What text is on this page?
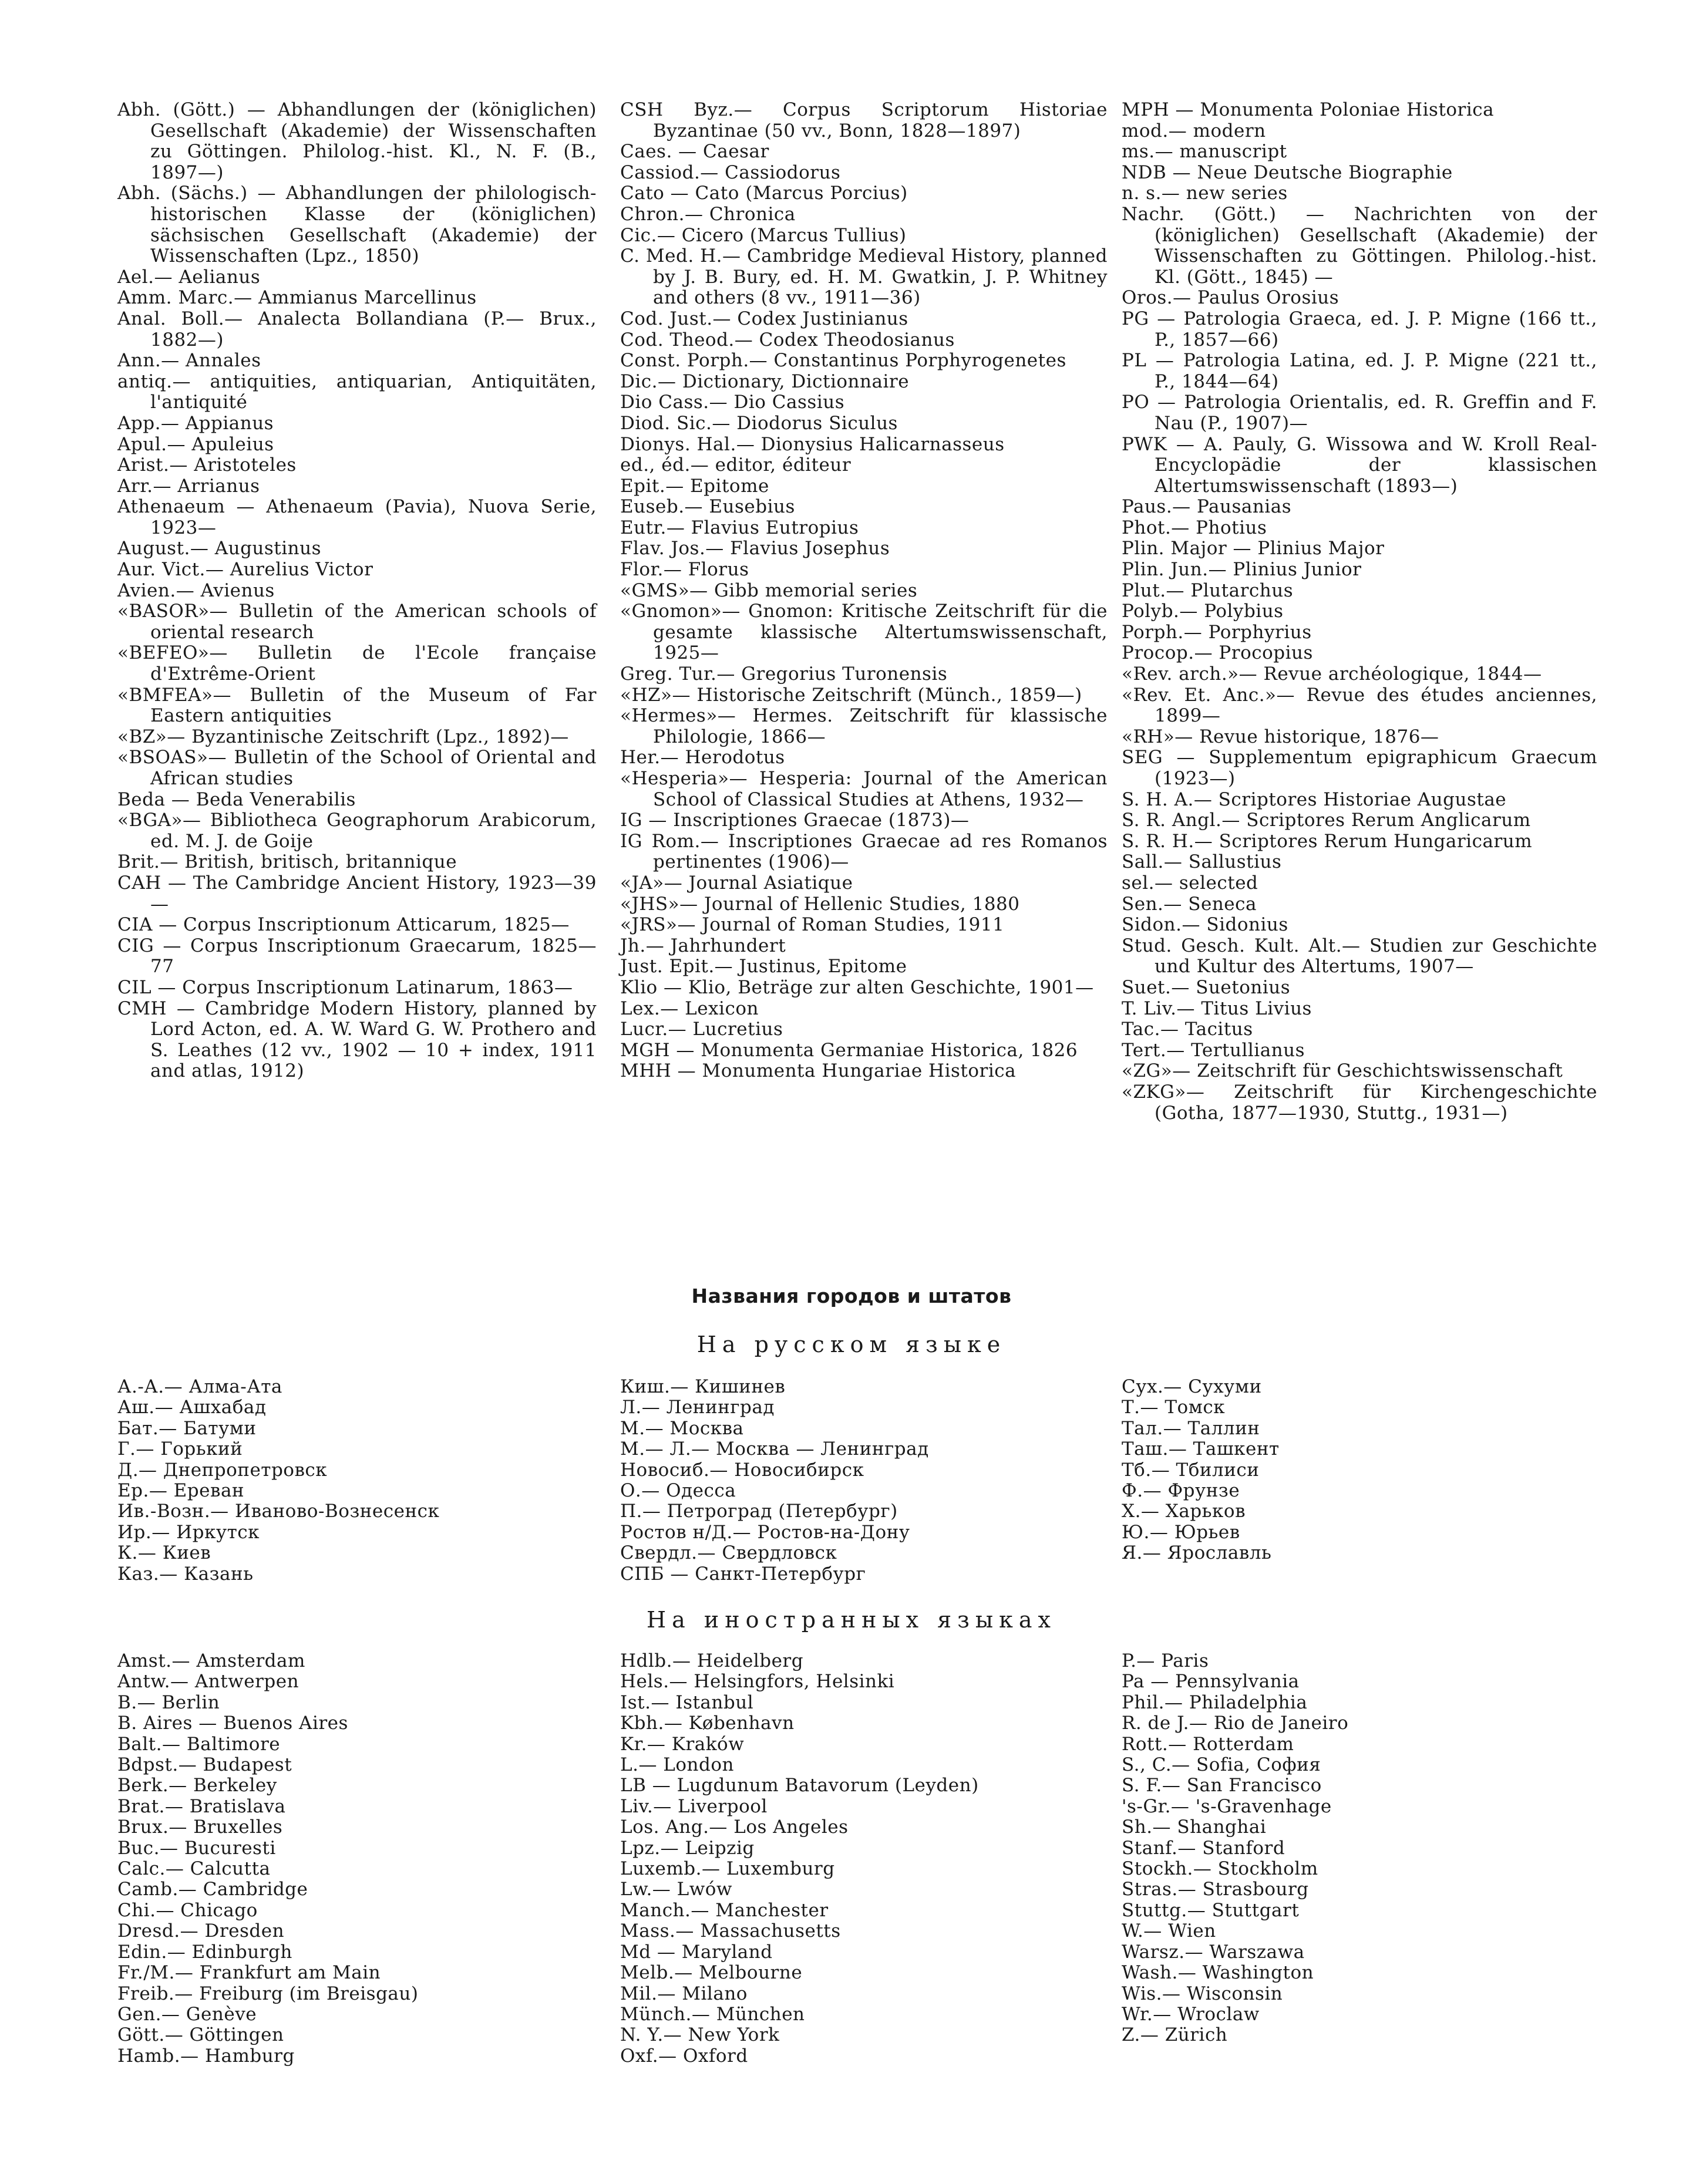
Abh. (Gött.) — Abhandlungen der (königlichen) Gesellschaft (Akademie) der Wissenschaften zu Göttingen. Philolog.-hist. Kl., N. F. (B., 1897—)

Abh. (Sächs.) — Abhandlungen der philologisch-historischen Klasse der (königlichen) sächsischen Gesellschaft (Akademie) der Wissenschaften (Lpz., 1850)

Ael.— Aelianus

Amm. Marc.— Ammianus Marcellinus

Anal. Boll.— Analecta Bollandiana (P.— Brux., 1882—)

Ann.— Annales

antiq.— antiquities, antiquarian, Antiquitäten, l'antiquité

App.— Appianus

Apul.— Apuleius

Arist.— Aristoteles

Arr.— Arrianus

Athenaeum — Athenaeum (Pavia), Nuova Serie, 1923—

August.— Augustinus

Aur. Vict.— Aurelius Victor

Avien.— Avienus

«BASOR»— Bulletin of the American schools of oriental research

«BEFEO»— Bulletin de l'Ecole française d'Extrême-Orient

«BMFEA»— Bulletin of the Museum of Far Eastern antiquities

«BZ»— Byzantinische Zeitschrift (Lpz., 1892)—

«BSOAS»— Bulletin of the School of Oriental and African studies

Beda — Beda Venerabilis

«BGA»— Bibliotheca Geographorum Arabicorum, ed. M. J. de Goije

Brit.— British, britisch, britannique

CAH — The Cambridge Ancient History, 1923—39—

CIA — Corpus Inscriptionum Atticarum, 1825—

CIG — Corpus Inscriptionum Graecarum, 1825—77

CIL — Corpus Inscriptionum Latinarum, 1863—

CMH — Cambridge Modern History, planned by Lord Acton, ed. A. W. Ward G. W. Prothero and S. Leathes (12 vv., 1902 — 10 + index, 1911 and atlas, 1912)

CSH Byz.— Corpus Scriptorum Historiae Byzantinae (50 vv., Bonn, 1828—1897)

Caes. — Caesar

Cassiod.— Cassiodorus

Cato — Cato (Marcus Porcius)

Chron.— Chronica

Cic.— Cicero (Marcus Tullius)

C. Med. H.— Cambridge Medieval History, planned by J. B. Bury, ed. H. M. Gwatkin, J. P. Whitney and others (8 vv., 1911—36)

Cod. Just.— Codex Justinianus

Cod. Theod.— Codex Theodosianus

Const. Porph.— Constantinus Porphyrogenetes

Dic.— Dictionary, Dictionnaire

Dio Cass.— Dio Cassius

Diod. Sic.— Diodorus Siculus

Dionys. Hal.— Dionysius Halicarnasseus

ed., éd.— editor, éditeur

Epit.— Epitome

Euseb.— Eusebius

Eutr.— Flavius Eutropius

Flav. Jos.— Flavius Josephus

Flor.— Florus

«GMS»— Gibb memorial series

«Gnomon»— Gnomon: Kritische Zeitschrift für die gesamte klassische Altertumswissenschaft, 1925—

Greg. Tur.— Gregorius Turonensis

«HZ»— Historische Zeitschrift (Münch., 1859—)

«Hermes»— Hermes. Zeitschrift für klassische Philologie, 1866—

Her.— Herodotus

«Hesperia»— Hesperia: Journal of the American School of Classical Studies at Athens, 1932—

IG — Inscriptiones Graecae (1873)—

IG Rom.— Inscriptiones Graecae ad res Romanos pertinentes (1906)—

«JA»— Journal Asiatique

«JHS»— Journal of Hellenic Studies, 1880

«JRS»— Journal of Roman Studies, 1911

Jh.— Jahrhundert

Just. Epit.— Justinus, Epitome

Klio — Klio, Beträge zur alten Geschichte, 1901—

Lex.— Lexicon

Lucr.— Lucretius

MGH — Monumenta Germaniae Historica, 1826

MHH — Monumenta Hungariae Historica

MPH — Monumenta Poloniae Historica

mod.— modern

ms.— manuscript

NDB — Neue Deutsche Biographie

n. s.— new series

Nachr. (Gött.) — Nachrichten von der (königlichen) Gesellschaft (Akademie) der Wissenschaften zu Göttingen. Philolog.-hist. Kl. (Gött., 1845) —

Oros.— Paulus Orosius

PG — Patrologia Graeca, ed. J. P. Migne (166 tt., P., 1857—66)

PL — Patrologia Latina, ed. J. P. Migne (221 tt., P., 1844—64)

PO — Patrologia Orientalis, ed. R. Greffin and F. Nau (P., 1907)—

PWK — A. Pauly, G. Wissowa and W. Kroll Real-Encyclopädie der klassischen Altertumswissenschaft (1893—)

Paus.— Pausanias

Phot.— Photius

Plin. Major — Plinius Major

Plin. Jun.— Plinius Junior

Plut.— Plutarchus

Polyb.— Polybius

Porph.— Porphyrius

Procop.— Procopius

«Rev. arch.»— Revue archéologique, 1844—

«Rev. Et. Anc.»— Revue des études anciennes, 1899—

«RH»— Revue historique, 1876—

SEG — Supplementum epigraphicum Graecum (1923—)

S. H. A.— Scriptores Historiae Augustae

S. R. Angl.— Scriptores Rerum Anglicarum

S. R. H.— Scriptores Rerum Hungaricarum

Sall.— Sallustius

sel.— selected

Sen.— Seneca

Sidon.— Sidonius

Stud. Gesch. Kult. Alt.— Studien zur Geschichte und Kultur des Altertums, 1907—

Suet.— Suetonius

T. Liv.— Titus Livius

Tac.— Tacitus

Tert.— Tertullianus

«ZG»— Zeitschrift für Geschichtswissenschaft

«ZKG»— Zeitschrift für Kirchengeschichte (Gotha, 1877—1930, Stuttg., 1931—)

Названия городов и штатов
На русском языке

А.-А.— Алма-Ата

Аш.— Ашхабад

Бат.— Батуми

Г.— Горький

Д.— Днепропетровск

Ер.— Ереван

Ив.-Возн.— Иваново-Вознесенск

Ир.— Иркутск

К.— Киев

Каз.— Казань

Киш.— Кишинев

Л.— Ленинград

М.— Москва

М.— Л.— Москва — Ленинград

Новосиб.— Новосибирск

О.— Одесса

П.— Петроград (Петербург)

Ростов н/Д.— Ростов-на-Дону

Свердл.— Свердловск

СПБ — Санкт-Петербург

Сух.— Сухуми

Т.— Томск

Тал.— Таллин

Таш.— Ташкент

Тб.— Тбилиси

Ф.— Фрунзе

Х.— Харьков

Ю.— Юрьев

Я.— Ярославль

На иностранных языках

Amst.— Amsterdam

Antw.— Antwerpen

B.— Berlin

B. Aires — Buenos Aires

Balt.— Baltimore

Bdpst.— Budapest

Berk.— Berkeley

Brat.— Bratislava

Brux.— Bruxelles

Buc.— Bucuresti

Calc.— Calcutta

Camb.— Cambridge

Chi.— Chicago

Dresd.— Dresden

Edin.— Edinburgh

Fr./M.— Frankfurt am Main

Freib.— Freiburg (im Breisgau)

Gen.— Genève

Gött.— Göttingen

Hamb.— Hamburg

Hdlb.— Heidelberg

Hels.— Helsingfors, Helsinki

Ist.— Istanbul

Kbh.— København

Kr.— Kraków

L.— London

LB — Lugdunum Batavorum (Leyden)

Liv.— Liverpool

Los. Ang.— Los Angeles

Lpz.— Leipzig

Luxemb.— Luxemburg

Lw.— Lwów

Manch.— Manchester

Mass.— Massachusetts

Md — Maryland

Melb.— Melbourne

Mil.— Milano

Münch.— München

N. Y.— New York

Oxf.— Oxford

P.— Paris

Pa — Pennsylvania

Phil.— Philadelphia

R. de J.— Rio de Janeiro

Rott.— Rotterdam

S., C.— Sofia, София

S. F.— San Francisco

's-Gr.— 's-Gravenhage

Sh.— Shanghai

Stanf.— Stanford

Stockh.— Stockholm

Stras.— Strasbourg

Stuttg.— Stuttgart

W.— Wien

Warsz.— Warszawa

Wash.— Washington

Wis.— Wisconsin

Wr.— Wroclaw

Z.— Zürich
